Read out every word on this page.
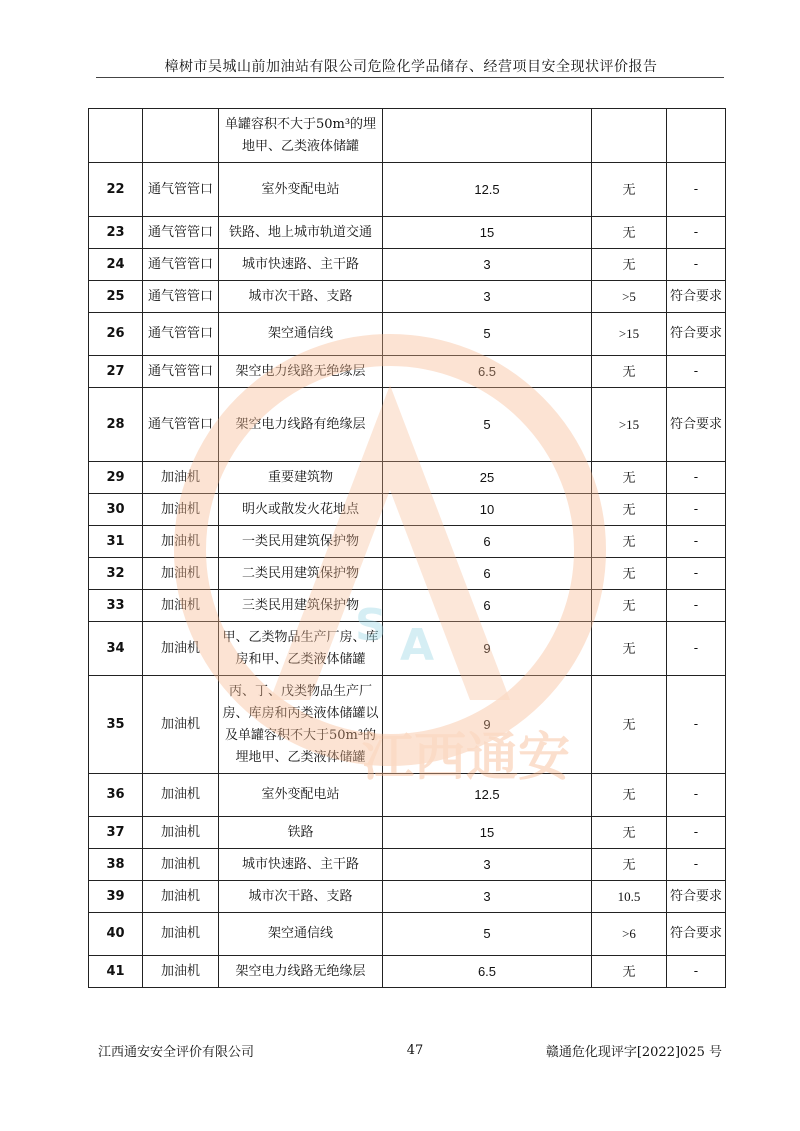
樟树市吴城山前加油站有限公司危险化学品储存、经营项目安全现状评价报告
		单罐容积不大于50m³的埋地甲、乙类液体储罐			
22	通气管管口	室外变配电站	12.5	无	-
23	通气管管口	铁路、地上城市轨道交通	15	无	-
24	通气管管口	城市快速路、主干路	3	无	-
25	通气管管口	城市次干路、支路	3	>5	符合要求
26	通气管管口	架空通信线	5	>15	符合要求
27	通气管管口	架空电力线路无绝缘层	6.5	无	-
28	通气管管口	架空电力线路有绝缘层	5	>15	符合要求
29	加油机	重要建筑物	25	无	-
30	加油机	明火或散发火花地点	10	无	-
31	加油机	一类民用建筑保护物	6	无	-
32	加油机	二类民用建筑保护物	6	无	-
33	加油机	三类民用建筑保护物	6	无	-
34	加油机	甲、乙类物品生产厂房、库房和甲、乙类液体储罐	9	无	-
35	加油机	丙、丁、戊类物品生产厂房、库房和丙类液体储罐以及单罐容积不大于50m³的埋地甲、乙类液体储罐	9	无	-
36	加油机	室外变配电站	12.5	无	-
37	加油机	铁路	15	无	-
38	加油机	城市快速路、主干路	3	无	-
39	加油机	城市次干路、支路	3	10.5	符合要求
40	加油机	架空通信线	5	>6	符合要求
41	加油机	架空电力线路无绝缘层	6.5	无	-
S A
江西通安
江西通安安全评价有限公司	47	赣通危化现评字[2022]025 号
